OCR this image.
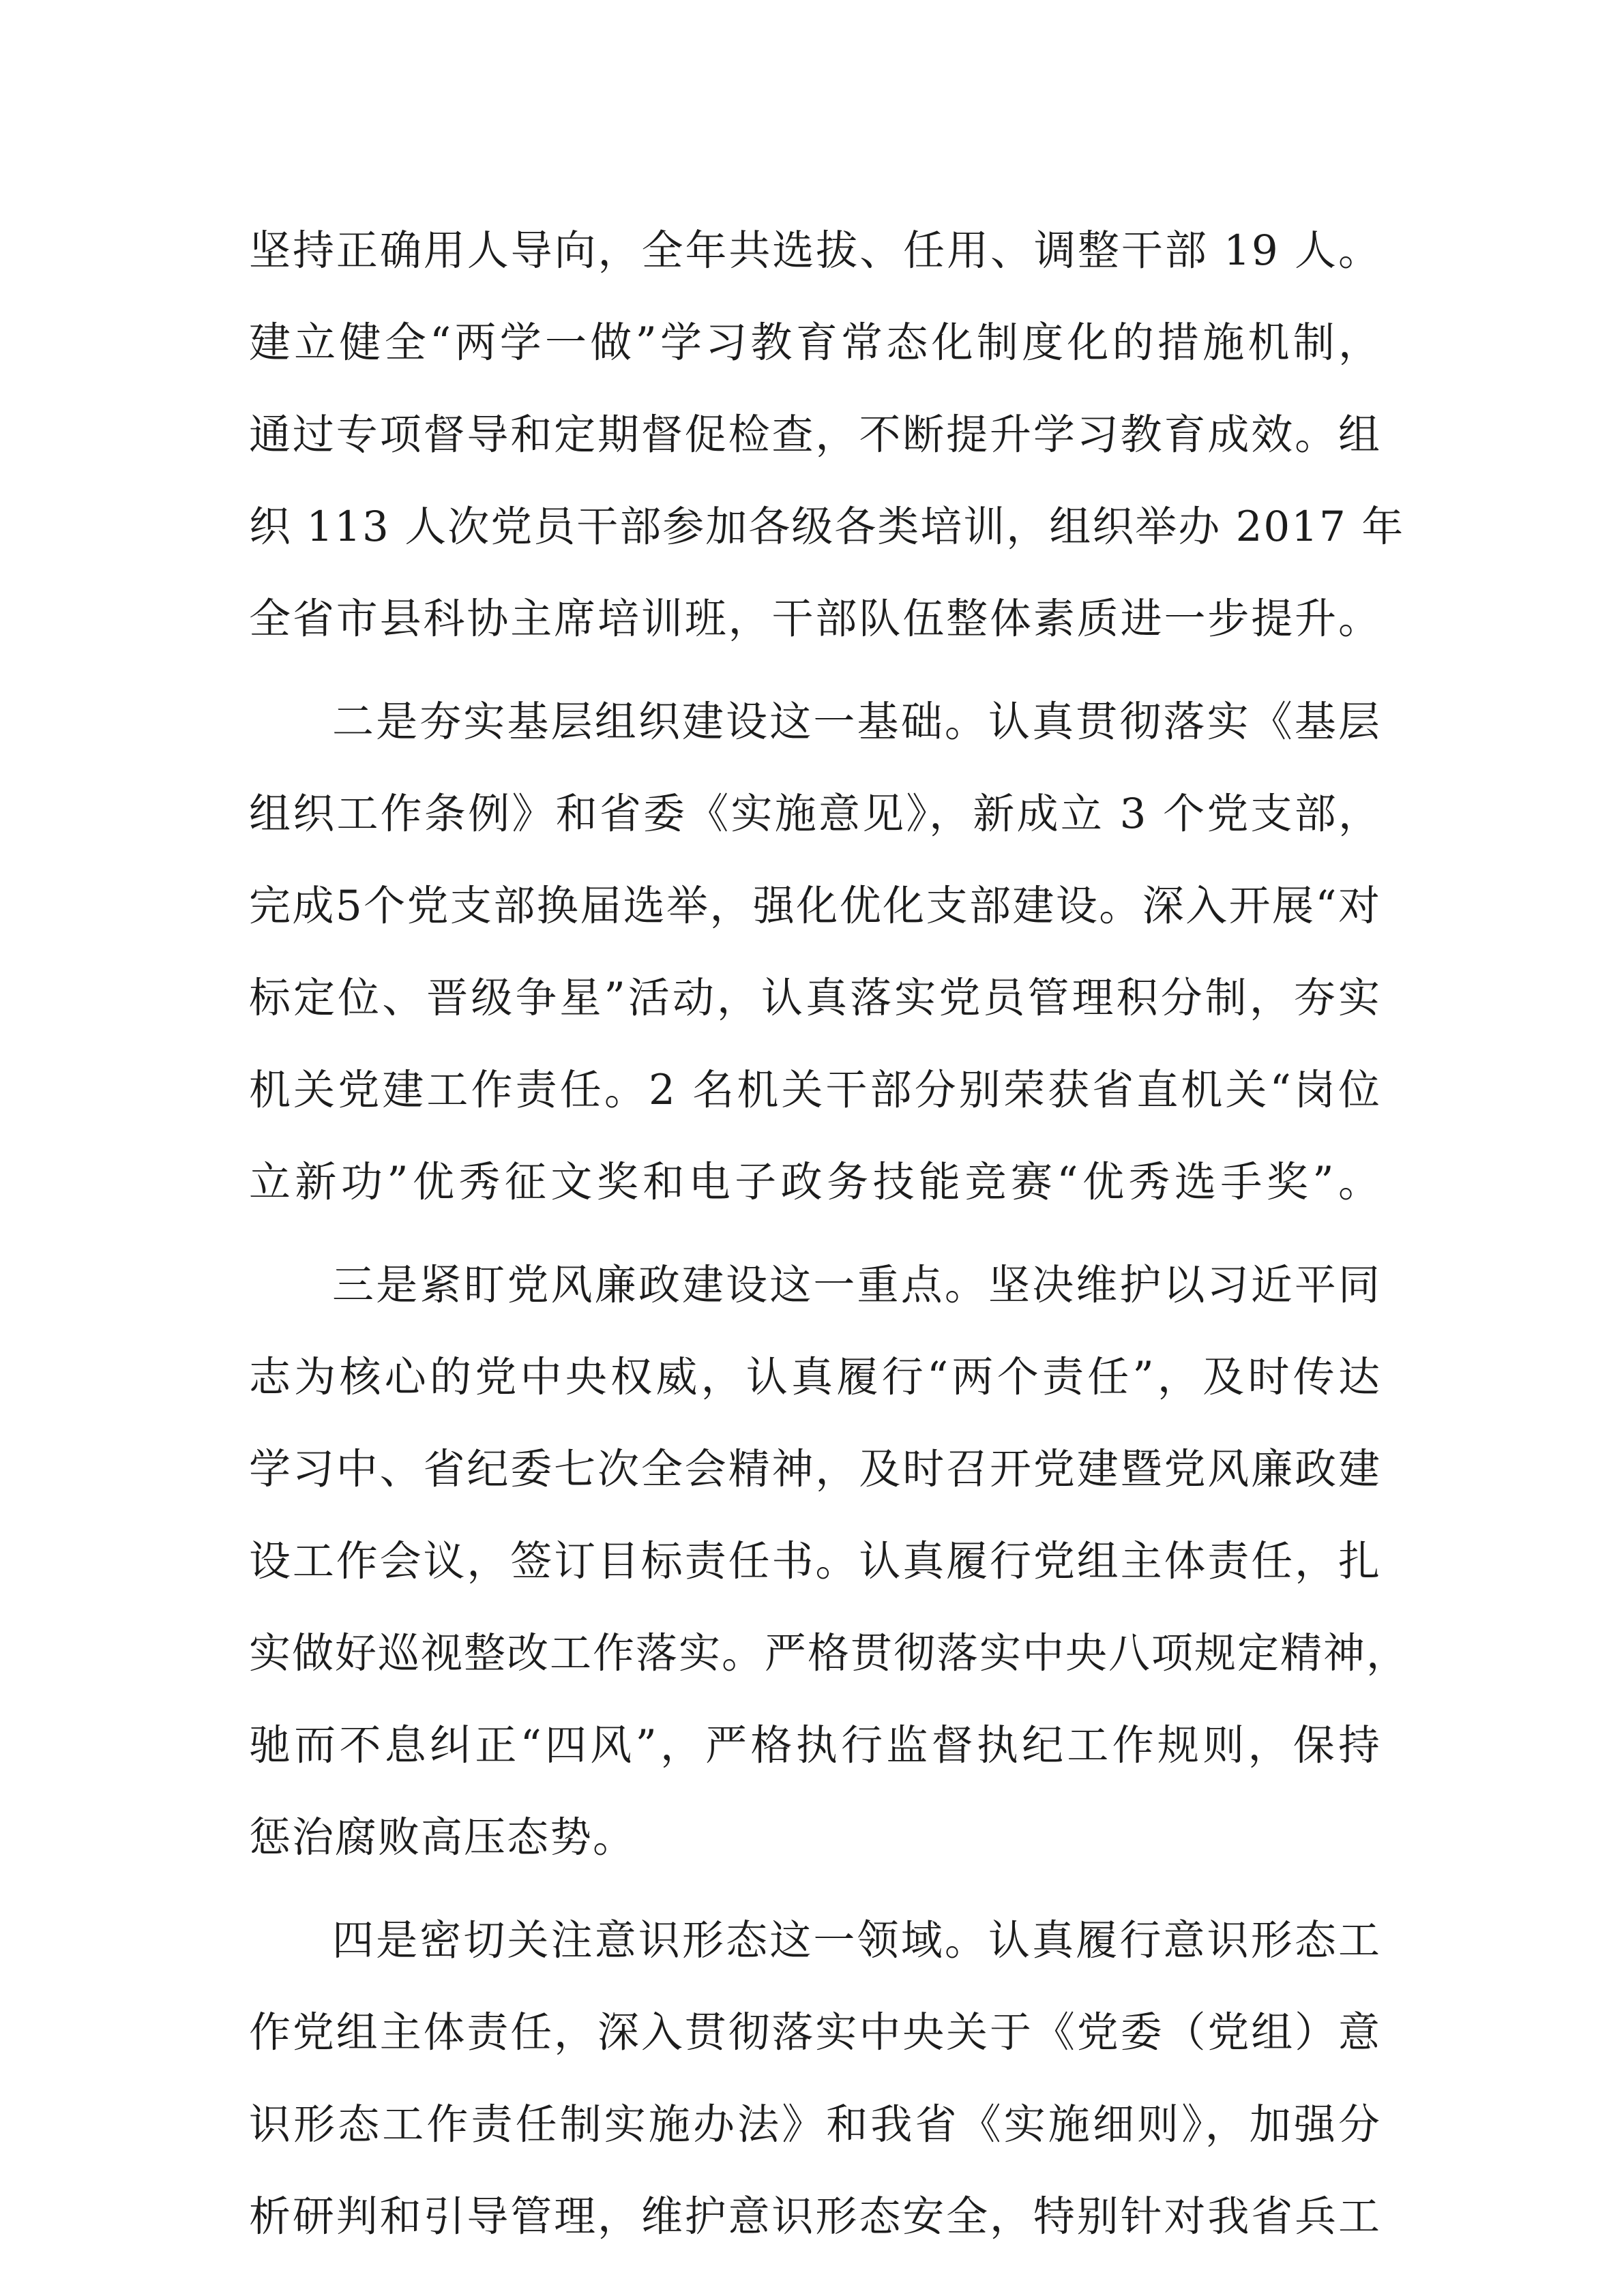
坚持正确用人导向，全年共选拔、任用、调整干部 19 人。
建立健全“两学一做”学习教育常态化制度化的措施机制，
通过专项督导和定期督促检查，不断提升学习教育成效。组
织 113 人次党员干部参加各级各类培训，组织举办 2017 年
全省市县科协主席培训班，干部队伍整体素质进一步提升。
二是夯实基层组织建设这一基础。认真贯彻落实《基层
组织工作条例》和省委《实施意见》，新成立 3 个党支部，
完成5个党支部换届选举，强化优化支部建设。深入开展“对
标定位、晋级争星”活动，认真落实党员管理积分制，夯实
机关党建工作责任。2 名机关干部分别荣获省直机关“岗位
立新功”优秀征文奖和电子政务技能竞赛“优秀选手奖”。
三是紧盯党风廉政建设这一重点。坚决维护以习近平同
志为核心的党中央权威，认真履行“两个责任”，及时传达
学习中、省纪委七次全会精神，及时召开党建暨党风廉政建
设工作会议，签订目标责任书。认真履行党组主体责任，扎
实做好巡视整改工作落实。严格贯彻落实中央八项规定精神，
驰而不息纠正“四风”，严格执行监督执纪工作规则，保持
惩治腐败高压态势。
四是密切关注意识形态这一领域。认真履行意识形态工
作党组主体责任，深入贯彻落实中央关于《党委（党组）意
识形态工作责任制实施办法》和我省《实施细则》，加强分
析研判和引导管理，维护意识形态安全，特别针对我省兵工
